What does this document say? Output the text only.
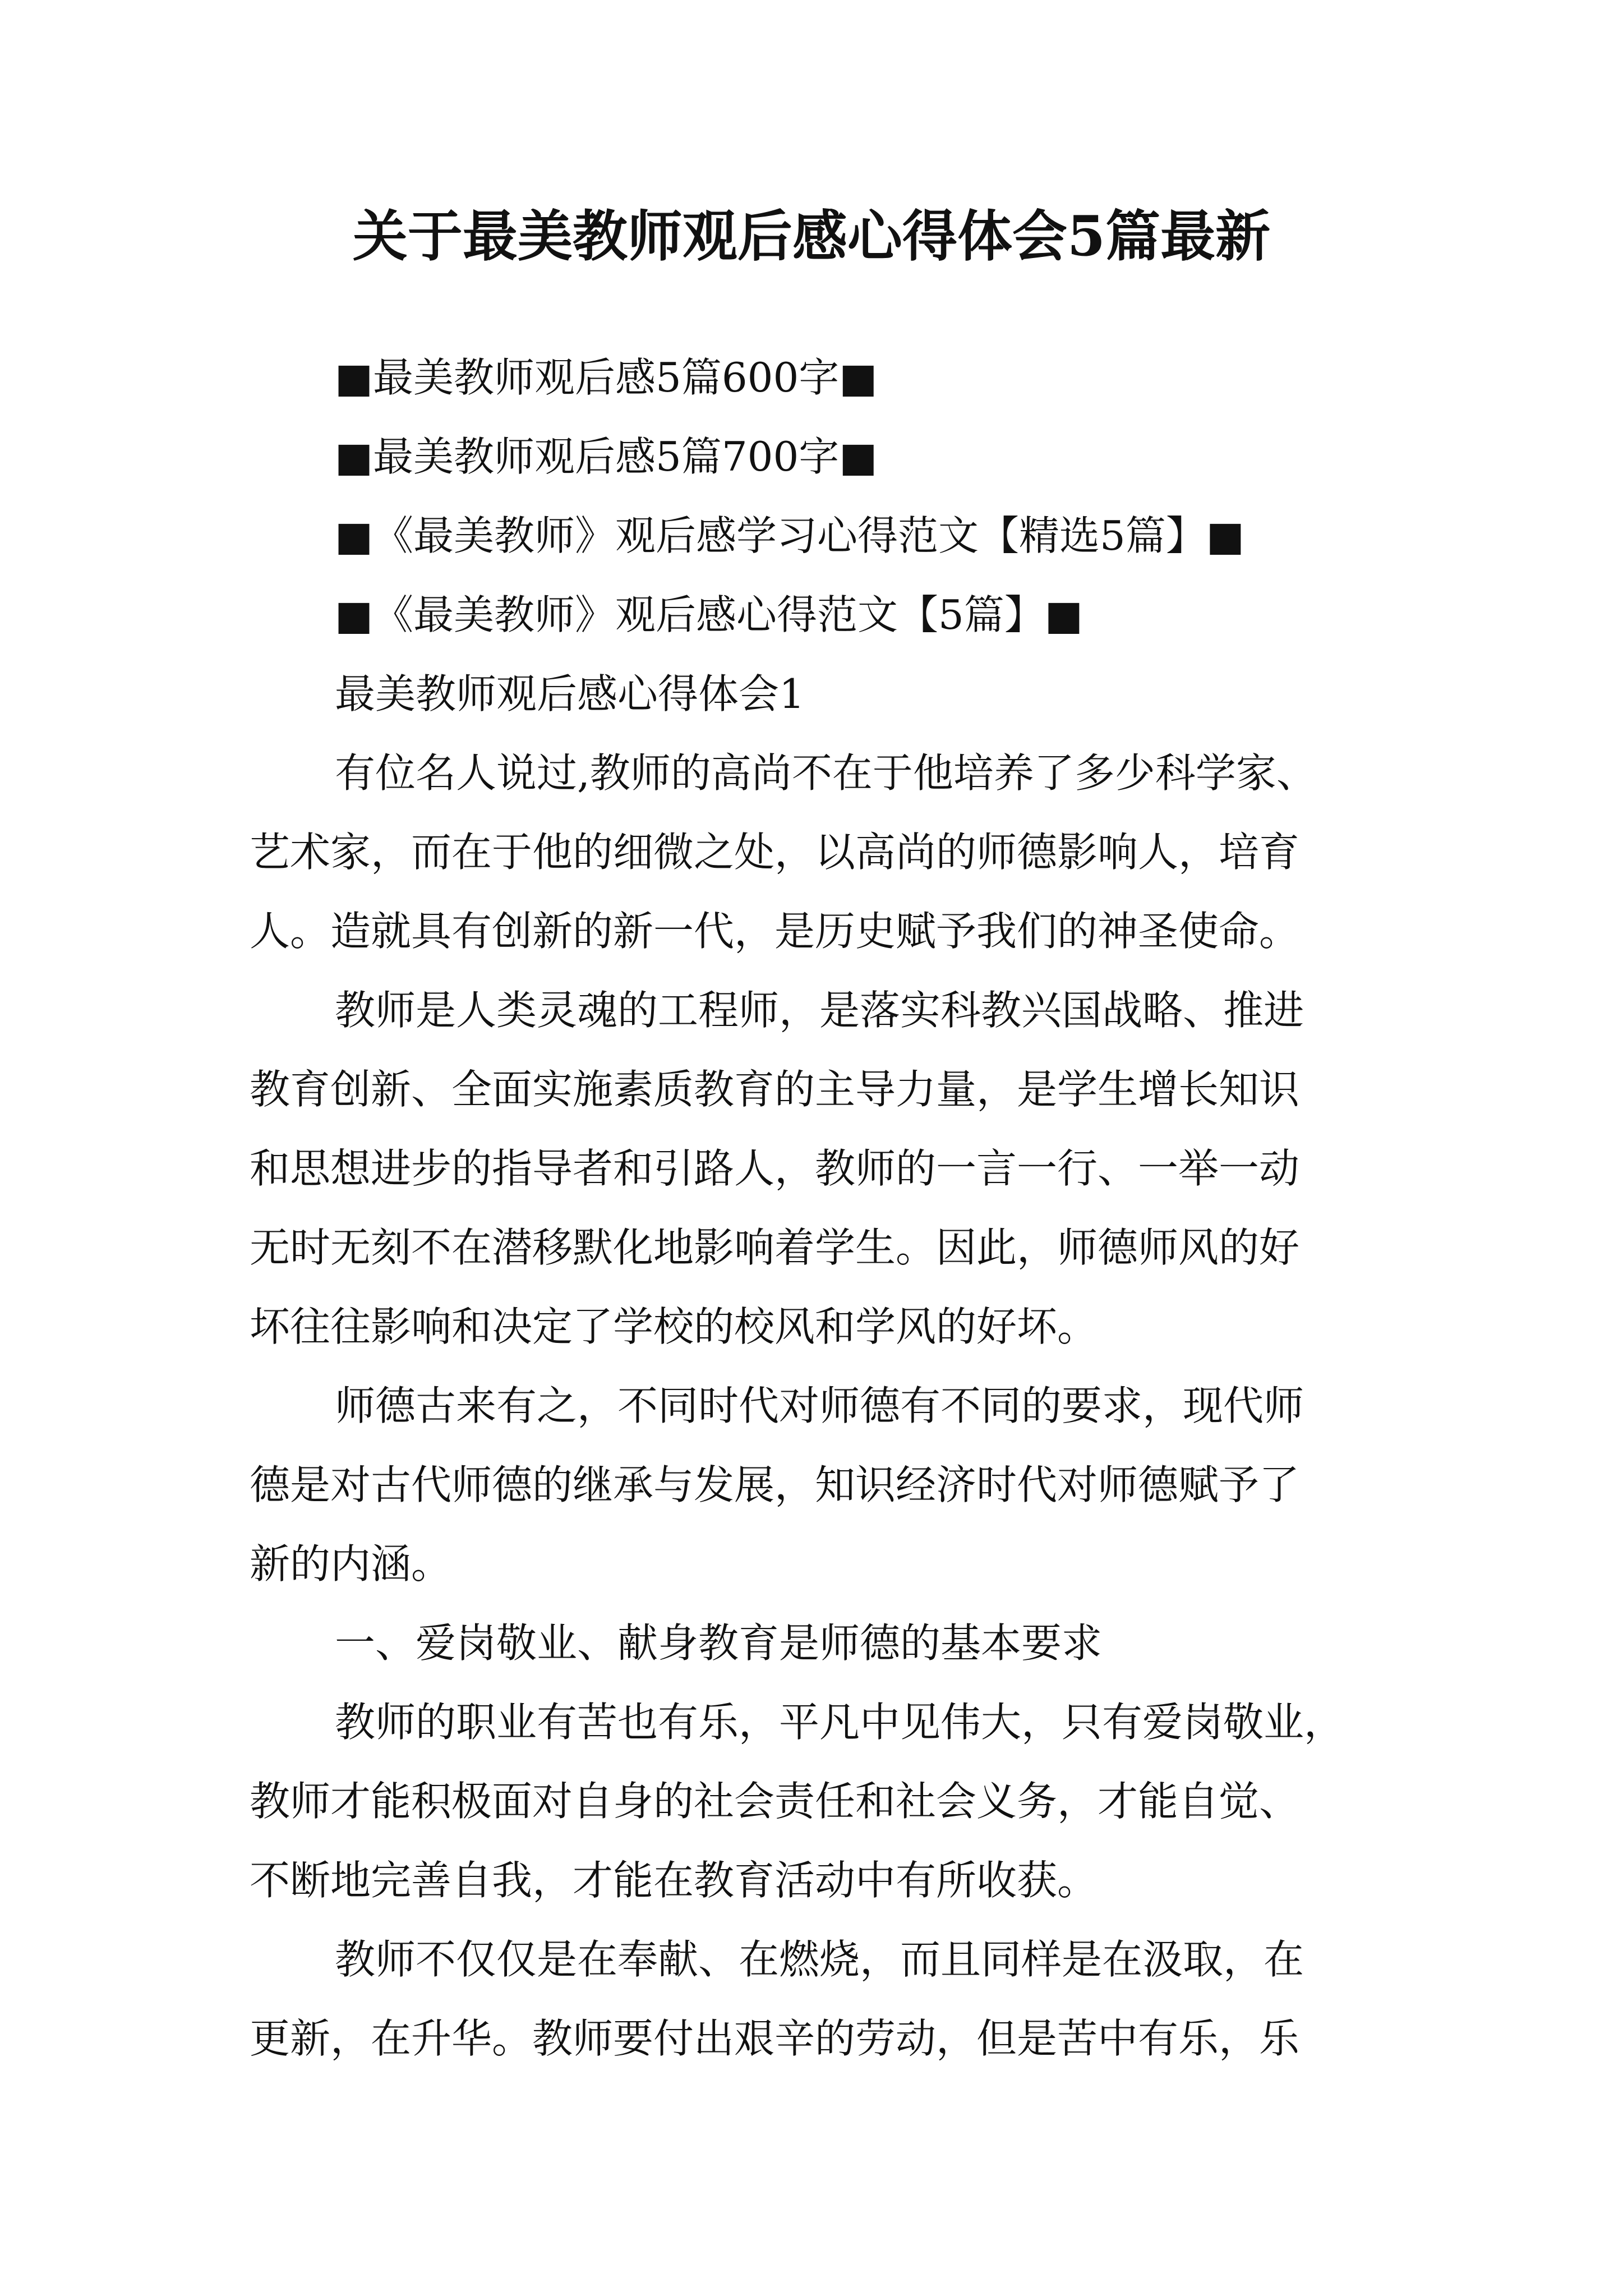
关于最美教师观后感心得体会5篇最新

■最美教师观后感5篇600字■

■最美教师观后感5篇700字■

■《最美教师》观后感学习心得范文【精选5篇】■

■《最美教师》观后感心得范文【5篇】■

最美教师观后感心得体会1

有位名人说过,教师的高尚不在于他培养了多少科学家、

艺术家，而在于他的细微之处，以高尚的师德影响人，培育

人。造就具有创新的新一代，是历史赋予我们的神圣使命。

教师是人类灵魂的工程师，是落实科教兴国战略、推进

教育创新、全面实施素质教育的主导力量，是学生增长知识

和思想进步的指导者和引路人，教师的一言一行、一举一动

无时无刻不在潜移默化地影响着学生。因此，师德师风的好

坏往往影响和决定了学校的校风和学风的好坏。

师德古来有之，不同时代对师德有不同的要求，现代师

德是对古代师德的继承与发展，知识经济时代对师德赋予了

新的内涵。

一、爱岗敬业、献身教育是师德的基本要求

教师的职业有苦也有乐，平凡中见伟大，只有爱岗敬业，

教师才能积极面对自身的社会责任和社会义务，才能自觉、

不断地完善自我，才能在教育活动中有所收获。

教师不仅仅是在奉献、在燃烧，而且同样是在汲取，在

更新，在升华。教师要付出艰辛的劳动，但是苦中有乐，乐
